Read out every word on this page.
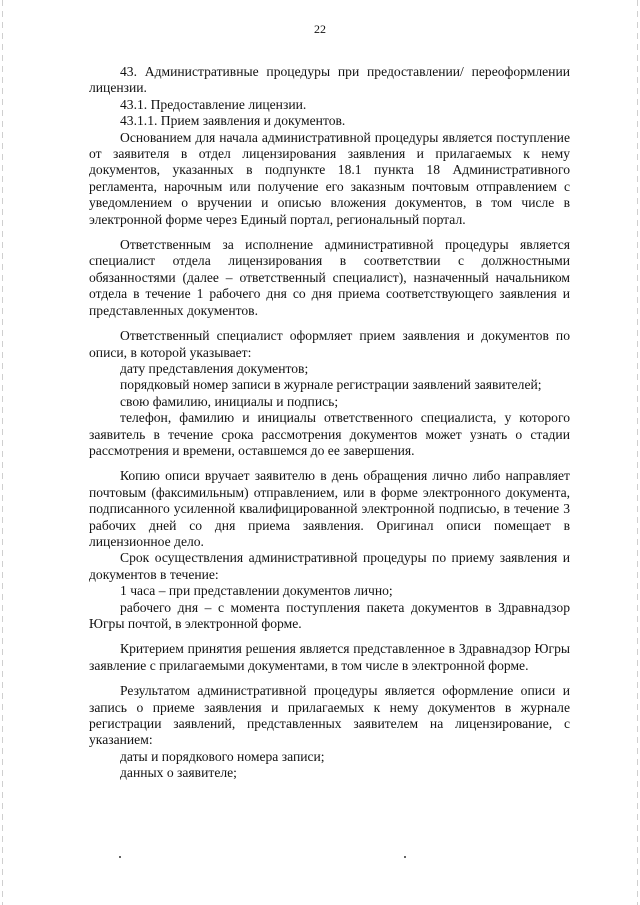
22

43. Административные процедуры при предоставлении/ переоформлении лицензии.

43.1. Предоставление лицензии.

43.1.1. Прием заявления и документов.

Основанием для начала административной процедуры является поступление от заявителя в отдел лицензирования заявления и прилагаемых к нему документов, указанных в подпункте 18.1 пункта 18 Административного регламента, нарочным или получение его заказным почтовым отправлением с уведомлением о вручении и описью вложения документов, в том числе в электронной форме через Единый портал, региональный портал.

Ответственным за исполнение административной процедуры является специалист отдела лицензирования в соответствии с должностными обязанностями (далее – ответственный специалист), назначенный начальником отдела в течение 1 рабочего дня со дня приема соответствующего заявления и представленных документов.

Ответственный специалист оформляет прием заявления и документов по описи, в которой указывает:

дату представления документов;

порядковый номер записи в журнале регистрации заявлений заявителей;

свою фамилию, инициалы и подпись;

телефон, фамилию и инициалы ответственного специалиста, у которого заявитель в течение срока рассмотрения документов может узнать о стадии рассмотрения и времени, оставшемся до ее завершения.

Копию описи вручает заявителю в день обращения лично либо направляет почтовым (факсимильным) отправлением, или в форме электронного документа, подписанного усиленной квалифицированной электронной подписью, в течение 3 рабочих дней со дня приема заявления. Оригинал описи помещает в лицензионное дело.

Срок осуществления административной процедуры по приему заявления и документов в течение:

1 часа – при представлении документов лично;

рабочего дня – с момента поступления пакета документов в Здравнадзор Югры почтой, в электронной форме.

Критерием принятия решения является представленное в Здравнадзор Югры заявление с прилагаемыми документами, в том числе в электронной форме.

Результатом административной процедуры является оформление описи и запись о приеме заявления и прилагаемых к нему документов в журнале регистрации заявлений, представленных заявителем на лицензирование, с указанием:

даты и порядкового номера записи;

данных о заявителе;
